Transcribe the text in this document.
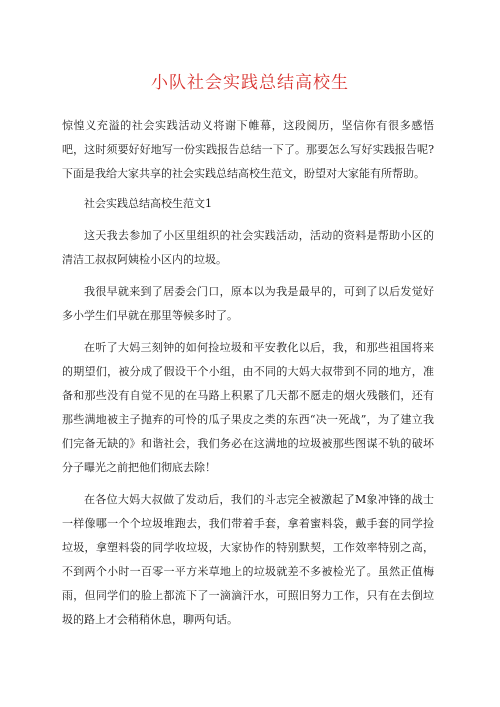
小队社会实践总结高校生

惊惶义充溢的社会实践活动义将谢下帷幕，这段阅历，坚信你有很多感悟吧，这时须要好好地写一份实践报告总结一下了。那要怎么写好实践报告呢?下面是我给大家共享的社会实践总结高校生范文，盼望对大家能有所帮助。

社会实践总结高校生范文1

这天我去参加了小区里组织的社会实践活动，活动的资料是帮助小区的清洁工叔叔阿姨检小区内的垃圾。

我很早就来到了居委会门口，原本以为我是最早的，可到了以后发觉好多小学生们早就在那里等候多时了。

在听了大妈三刻钟的如何捡垃圾和平安教化以后，我，和那些祖国将来的期望们，被分成了假设干个小组，由不同的大妈大叔带到不同的地方，准备和那些没有自觉不见的在马路上积累了几天都不愿走的烟火残骸们，还有那些满地被主子抛弃的可怜的瓜子果皮之类的东西“决一死战”，为了建立我们完备无缺的》和谐社会，我们务必在这满地的垃圾被那些图谋不轨的破坏分子曝光之前把他们彻底去除！

在各位大妈大叔做了发动后，我们的斗志完全被激起了M象冲锋的战士一样像哪一个个垃圾堆跑去，我们带着手套，拿着蜜料袋，戴手套的同学捡垃圾，拿塑料袋的同学收垃圾，大家协作的特别默契，工作效率特别之高，不到两个小时一百零一平方米草地上的垃圾就差不多被检光了。虽然正值梅雨，但同学们的脸上都流下了一滴滴汗水，可照旧努力工作，只有在去倒垃圾的路上才会稍稍休息，聊两句话。
